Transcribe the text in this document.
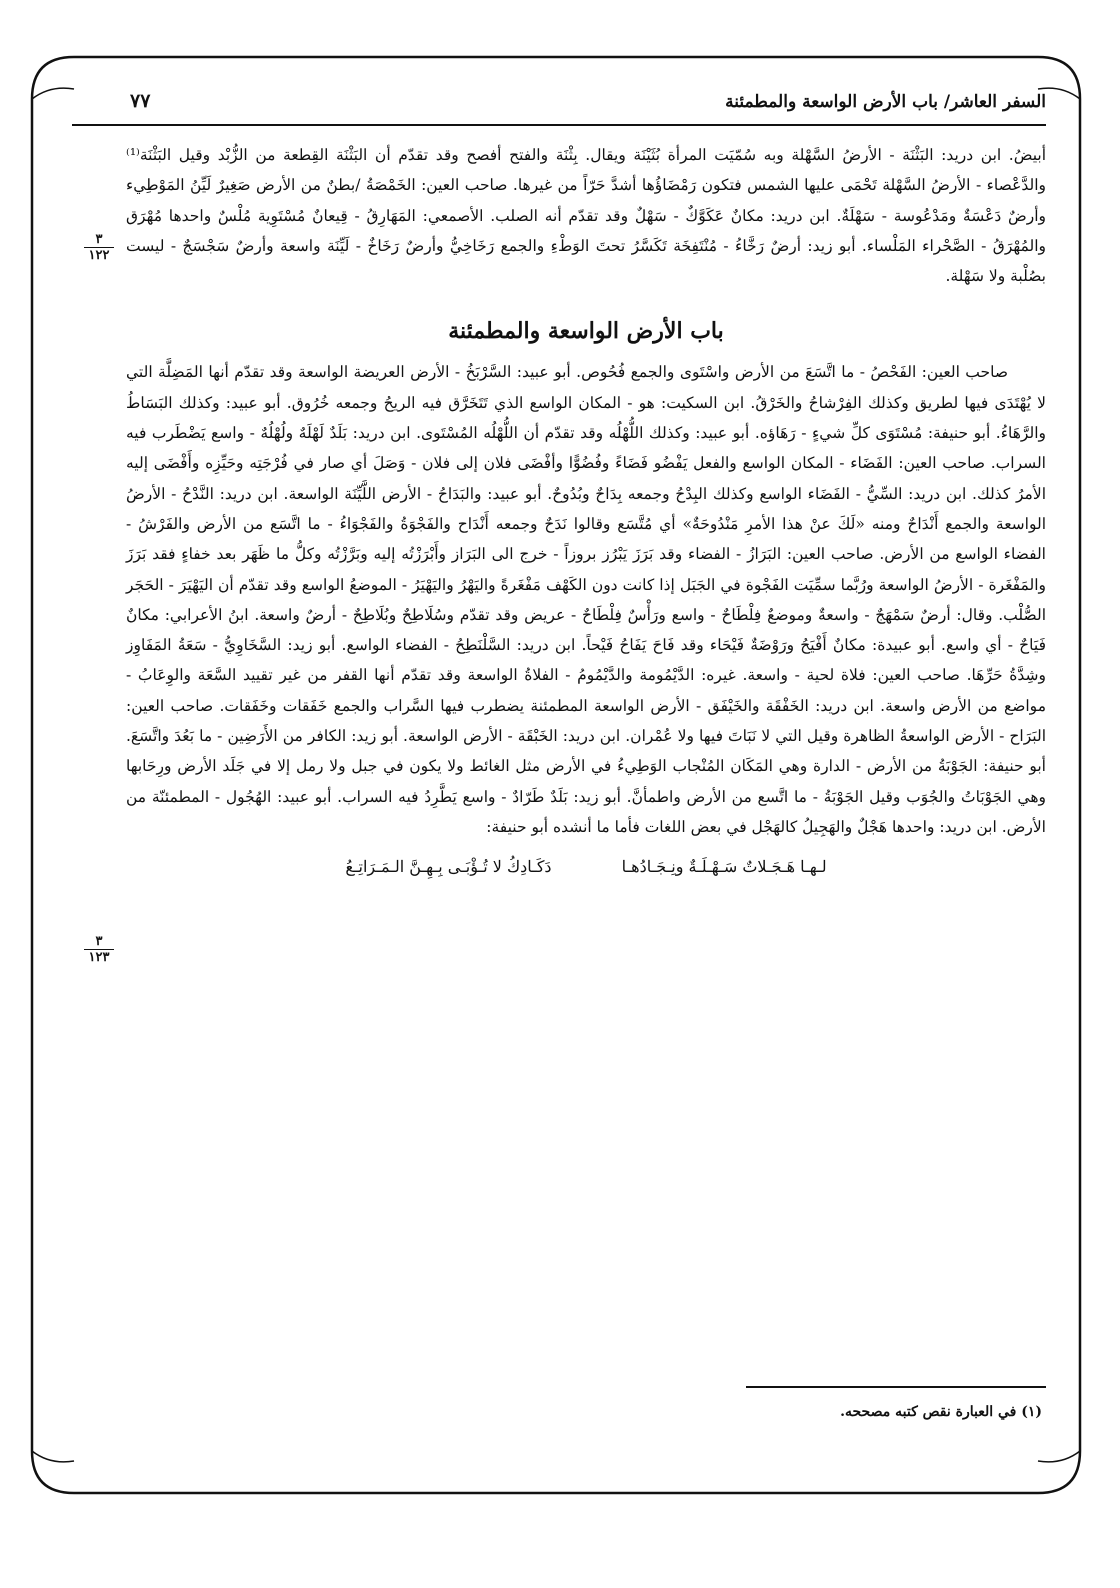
السفر العاشر/ باب الأرض الواسعة والمطمئنة
٧٧
٣
١٢٢
٣
١٢٣

أبيضُ. ابن دريد: البَثْنَة - الأرضُ السَّهْلة وبه سُمّيَت المرأة بُثَيْنَة ويقال. بِثْنَة والفتح أفصح وقد تقدّم أن البَثْنَة القِطعة من الزُّبْد وقيل البَثْنَة⁽¹⁾ والدَّعْصاء - الأرضُ السَّهْلة تَحْمَى عليها الشمس فتكون رَمْضَاؤُها أشدَّ حَرّاً من غيرها. صاحب العين: الخَمْصَةُ /بطنٌ من الأرض صَغِيرٌ لَيِّنُ المَوْطِيء وأرضٌ دَعْسَةٌ ومَدْعُوسة - سَهْلَةٌ. ابن دريد: مكانٌ عَكَوَّكٌ - سَهْلٌ وقد تقدّم أنه الصلب. الأصمعي: المَهَارِقُ - قِيعانٌ مُسْتَوِية مُلْسٌ واحدها مُهْرَق والمُهْرَقُ - الصَّحْراء المَلْساء. أبو زيد: أرضٌ رَخَّاءُ - مُنْتَفِخَة تَكَسَّرُ تحتَ الوَطْءِ والجمع رَخَاخِيُّ وأرضٌ رَخَاخٌ - لَيِّنَة واسعة وأرضٌ سَجْسَجٌ - ليست بصُلْبة ولا سَهْلة.

باب الأرض الواسعة والمطمئنة

صاحب العين: الفَحْصُ - ما اتَّسَعَ من الأرض واسْتَوى والجمع فُحُوص. أبو عبيد: السَّرْبَخُ - الأرض العريضة الواسعة وقد تقدّم أنها المَضِلَّة التي لا يُهْتَدَى فيها لطريق وكذلك الفِرْشاحُ والخَرْقُ. ابن السكيت: هو - المكان الواسع الذي تَتَخَرَّق فيه الريحُ وجمعه خُرُوق. أبو عبيد: وكذلك البَسَاطُ والرَّهَاءُ. أبو حنيفة: مُسْتَوَى كلِّ شيءٍ - رَهَاؤه. أبو عبيد: وكذلك اللُّهْلُه وقد تقدّم أن اللُّهْلُه المُسْتَوى. ابن دريد: بَلَدٌ لَهْلَهٌ ولُهْلُهٌ - واسع يَضْطَرب فيه السراب. صاحب العين: الفَضَاء - المكان الواسع والفعل يَفْضُو فَضَاءً وفُضُوًّا وأفْضَى فلان إلى فلان - وَصَلَ أي صار في فُرْجَتِه وحَيِّزِه وأَفْضَى إليه الأمرُ كذلك. ابن دريد: السِّيُّ - الفَضَاء الواسع وكذلك البِدْحُ وجمعه بِدَاحٌ وبُدُوحٌ. أبو عبيد: والبَدَاحُ - الأرض اللَّيِّنَة الواسعة. ابن دريد: النَّدْحُ - الأرضُ الواسعة والجمع أَنْدَاحٌ ومنه «لَكَ عنْ هذا الأمرِ مَنْدُوحَةٌ» أي مُتَّسَع وقالوا نَدَحٌ وجمعه أَنْدَاح والفَجْوَةُ والفَجْوَاءُ - ما اتَّسَع من الأرض والفَرْشُ - الفضاء الواسع من الأرض. صاحب العين: البَرَازُ - الفضاء وقد بَرَزَ يَبْرُز بروزاً - خرج الى البَرَاز وأَبْرَزْتُه إليه وبَرَّزْتُه وكلُّ ما ظَهَر بعد خفاءٍ فقد بَرَزَ والمَفْغَرة - الأرضُ الواسعة ورُبَّما سمِّيَت الفَجْوة في الجَبَل إذا كانت دون الكَهْف مَفْغَرةً واليَهْرُ واليَهْيَرُ - الموضعُ الواسع وقد تقدّم أن اليَهْيَرَ - الحَجَر الصُّلْب. وقال: أرضٌ سَمْهَجٌ - واسعةٌ وموضعٌ فِلْطَاحٌ - واسع ورَأْسٌ فِلْطَاحٌ - عريض وقد تقدّم وسُلَاطِحٌ وبُلَاطِحٌ - أرضٌ واسعة. ابنُ الأعرابي: مكانٌ فَيَاحٌ - أي واسع. أبو عبيدة: مكانٌ أَفْيَحُ ورَوْضَةٌ فَيْحَاء وقد فَاحَ يَفَاحُ فَيْحاً. ابن دريد: السَّلْنَطِحُ - الفضاء الواسع. أبو زيد: السَّخَاوِيُّ - سَعَةُ المَفَاوِز وشِدَّةُ حَرِّهَا. صاحب العين: فلاة لحية - واسعة. غيره: الدَّيْمُومة والدَّيْمُومُ - الفلاةُ الواسعة وقد تقدّم أنها القفر من غير تقييد السَّعَة والوِعَابُ - مواضع من الأرض واسعة. ابن دريد: الخَفْقَة والخَيْفَق - الأرض الواسعة المطمئنة يضطرب فيها السَّراب والجمع خَفَقات وخَفَقات. صاحب العين: البَرَاح - الأرض الواسعةُ الظاهرة وقيل التي لا نَبَاتَ فيها ولا عُمْران. ابن دريد: الخَبْقَة - الأرض الواسعة. أبو زيد: الكافر من الأَرَضِين - ما بَعُدَ واتَّسَعَ. أبو حنيفة: الجَوْبَةُ من الأرض - الدارة وهي المَكَان المُنْجاب الوَطِيءُ في الأرض مثل الغائط ولا يكون في جبل ولا رمل إلا في جَلَد الأرض ورِحَابها وهي الجَوْبَاتُ والجُوَب وقيل الجَوْبَةُ - ما اتَّسع من الأرض واطمأنَّ. أبو زيد: بَلَدٌ طَرّادٌ - واسع يَطَّرِدُ فيه السراب. أبو عبيد: الهُجُول - المطمئنّة من الأرض. ابن دريد: واحدها هَجْلٌ والهَجِيلُ كالهَجْل في بعض اللغات فأما ما أنشده أبو حنيفة:

لـهـا هَـجَـلاتٌ سَـهْـلَـةٌ ونِـجَـادُهـا
دَكَـادِكُ لا تُـؤْبَـى بِـهِـنَّ الـمَـرَاتِـعُ
(١) في العبارة نقص كتبه مصححه.
